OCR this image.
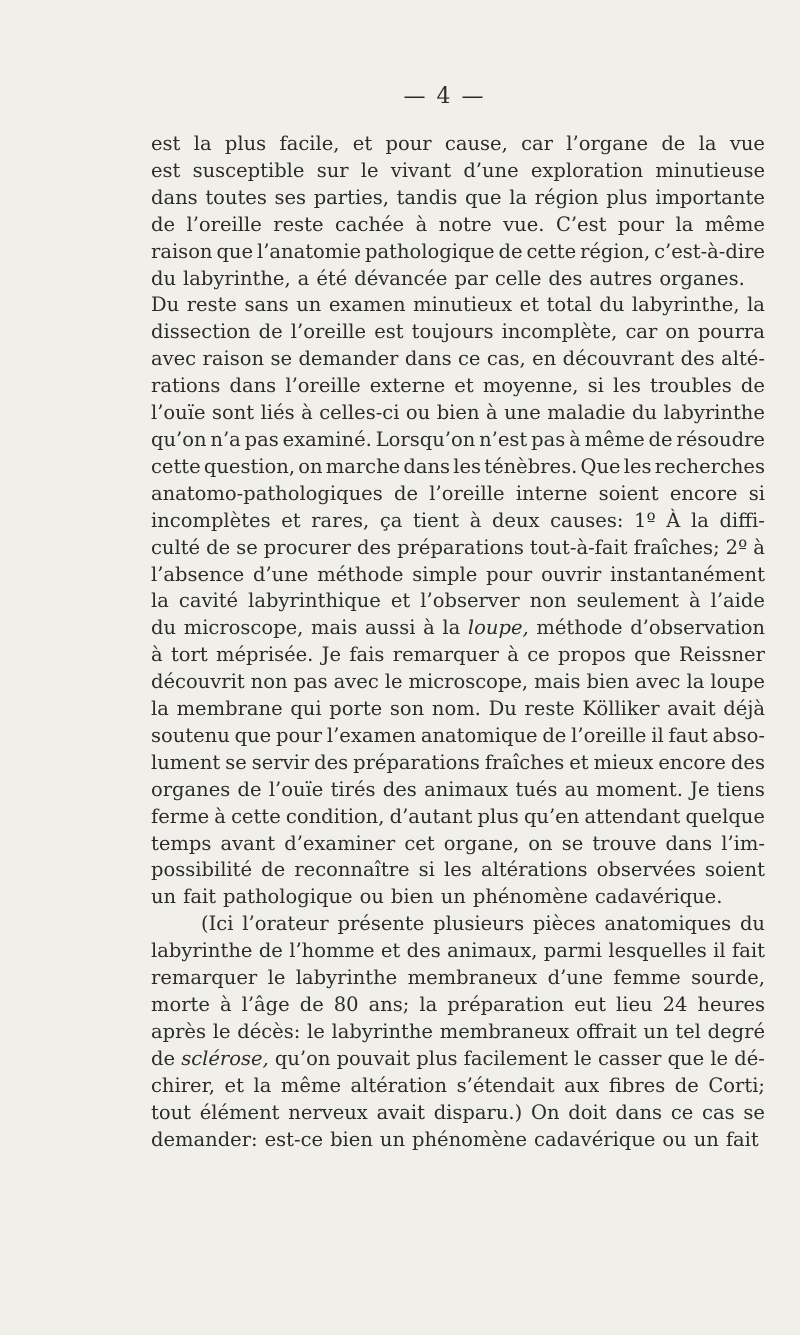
— 4 —
est la plus facile, et pour cause, car l’organe de la vue
est susceptible sur le vivant d’une exploration minutieuse
dans toutes ses parties, tandis que la région plus importante
de l’oreille reste cachée à notre vue. C’est pour la même
raison que l’anatomie pathologique de cette région, c’est-à-dire
du labyrinthe, a été dévancée par celle des autres organes.
Du reste sans un examen minutieux et total du labyrinthe, la
dissection de l’oreille est toujours incomplète, car on pourra
avec raison se demander dans ce cas, en découvrant des alté-
rations dans l’oreille externe et moyenne, si les troubles de
l’ouïe sont liés à celles-ci ou bien à une maladie du labyrinthe
qu’on n’a pas examiné. Lorsqu’on n’est pas à même de résoudre
cette question, on marche dans les ténèbres. Que les recherches
anatomo-pathologiques de l’oreille interne soient encore si
incomplètes et rares, ça tient à deux causes: 1º À la diffi-
culté de se procurer des préparations tout-à-fait fraîches; 2º à
l’absence d’une méthode simple pour ouvrir instantanément
la cavité labyrinthique et l’observer non seulement à l’aide
du microscope, mais aussi à la loupe, méthode d’observation
à tort méprisée. Je fais remarquer à ce propos que Reissner
découvrit non pas avec le microscope, mais bien avec la loupe
la membrane qui porte son nom. Du reste Kölliker avait déjà
soutenu que pour l’examen anatomique de l’oreille il faut abso-
lument se servir des préparations fraîches et mieux encore des
organes de l’ouïe tirés des animaux tués au moment. Je tiens
ferme à cette condition, d’autant plus qu’en attendant quelque
temps avant d’examiner cet organe, on se trouve dans l’im-
possibilité de reconnaître si les altérations observées soient
un fait pathologique ou bien un phénomène cadavérique.
(Ici l’orateur présente plusieurs pièces anatomiques du
labyrinthe de l’homme et des animaux, parmi lesquelles il fait
remarquer le labyrinthe membraneux d’une femme sourde,
morte à l’âge de 80 ans; la préparation eut lieu 24 heures
après le décès: le labyrinthe membraneux offrait un tel degré
de sclérose, qu’on pouvait plus facilement le casser que le dé-
chirer, et la même altération s’étendait aux fibres de Corti;
tout élément nerveux avait disparu.) On doit dans ce cas se
demander: est-ce bien un phénomène cadavérique ou un fait
